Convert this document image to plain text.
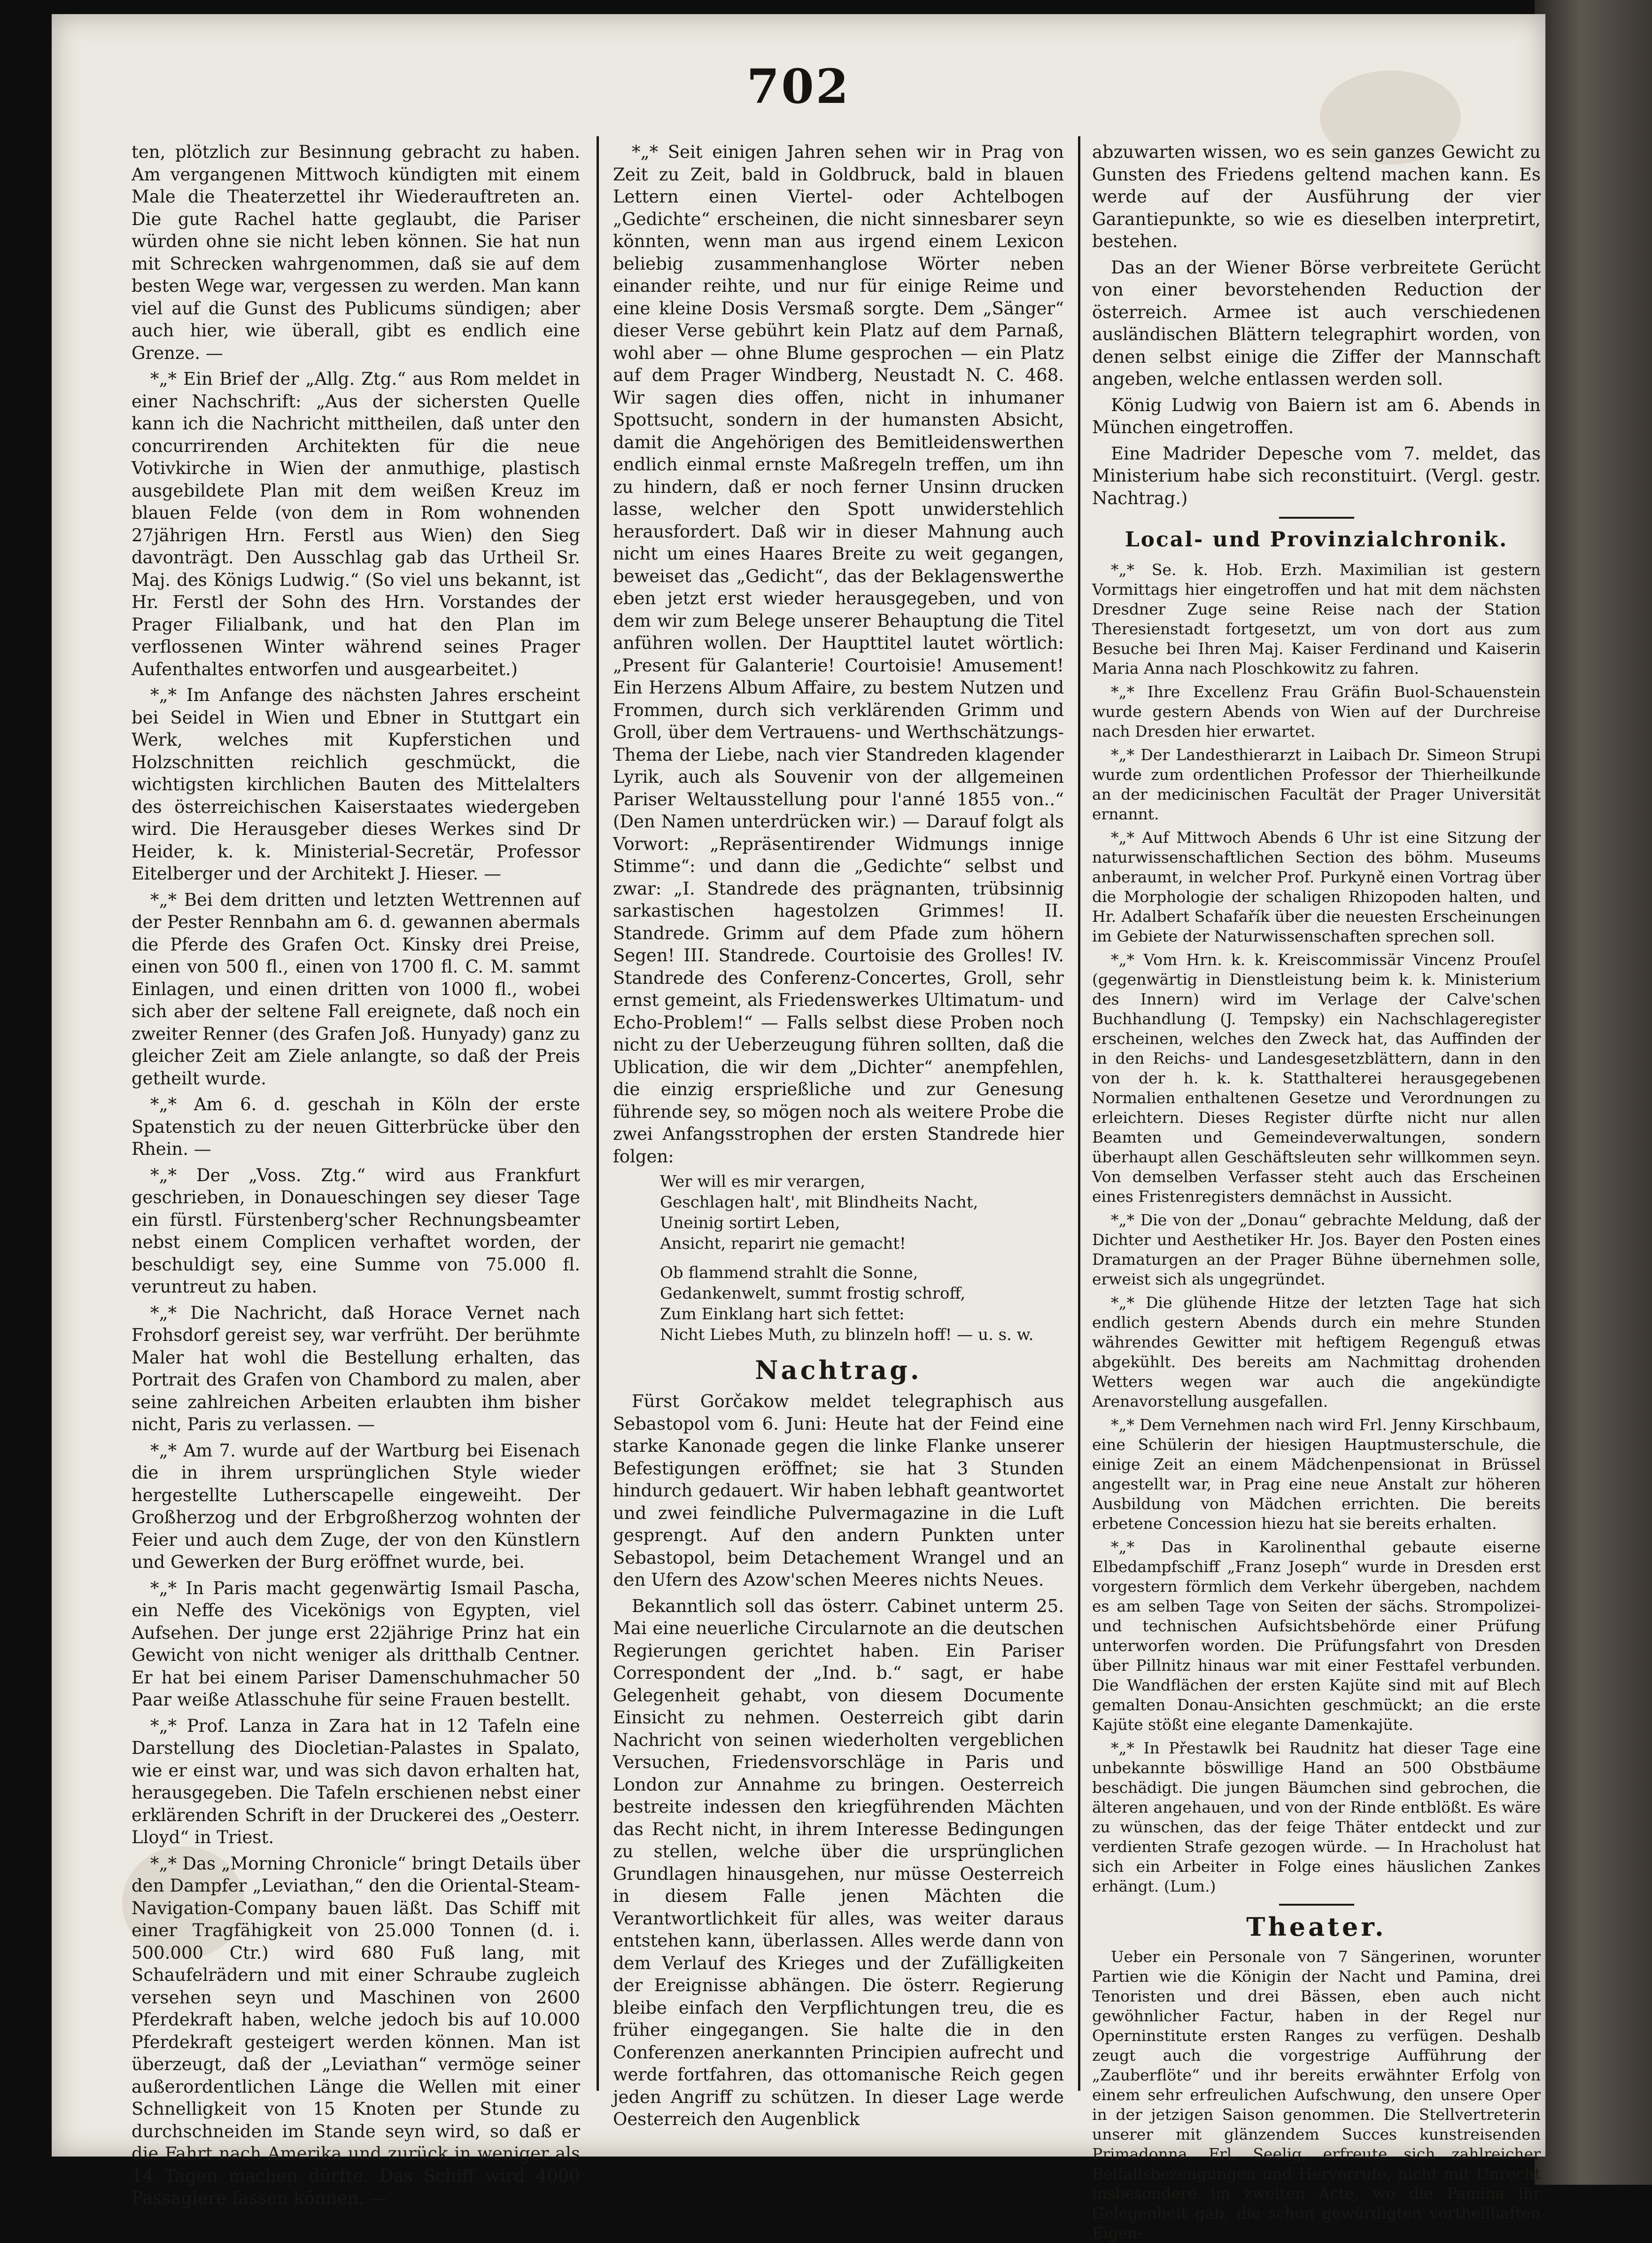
702

ten, plötzlich zur Besinnung gebracht zu haben. Am vergangenen Mittwoch kündigten mit einem Male die Theaterzettel ihr Wiederauftreten an. Die gute Rachel hatte geglaubt, die Pariser würden ohne sie nicht leben können. Sie hat nun mit Schrecken wahrgenommen, daß sie auf dem besten Wege war, vergessen zu werden. Man kann viel auf die Gunst des Publicums sündigen; aber auch hier, wie überall, gibt es endlich eine Grenze. —

*„* Ein Brief der „Allg. Ztg.“ aus Rom meldet in einer Nachschrift: „Aus der sichersten Quelle kann ich die Nachricht mittheilen, daß unter den concurrirenden Architekten für die neue Votivkirche in Wien der anmuthige, plastisch ausgebildete Plan mit dem weißen Kreuz im blauen Felde (von dem in Rom wohnenden 27jährigen Hrn. Ferstl aus Wien) den Sieg davonträgt. Den Ausschlag gab das Urtheil Sr. Maj. des Königs Ludwig.“ (So viel uns bekannt, ist Hr. Ferstl der Sohn des Hrn. Vorstandes der Prager Filialbank, und hat den Plan im verflossenen Winter während seines Prager Aufenthaltes entworfen und ausgearbeitet.)

*„* Im Anfange des nächsten Jahres erscheint bei Seidel in Wien und Ebner in Stuttgart ein Werk, welches mit Kupferstichen und Holzschnitten reichlich geschmückt, die wichtigsten kirchlichen Bauten des Mittelalters des österreichischen Kaiserstaates wiedergeben wird. Die Herausgeber dieses Werkes sind Dr Heider, k. k. Ministerial-Secretär, Professor Eitelberger und der Architekt J. Hieser. —

*„* Bei dem dritten und letzten Wettrennen auf der Pester Rennbahn am 6. d. gewannen abermals die Pferde des Grafen Oct. Kinsky drei Preise, einen von 500 fl., einen von 1700 fl. C. M. sammt Einlagen, und einen dritten von 1000 fl., wobei sich aber der seltene Fall ereignete, daß noch ein zweiter Renner (des Grafen Joß. Hunyady) ganz zu gleicher Zeit am Ziele anlangte, so daß der Preis getheilt wurde.

*„* Am 6. d. geschah in Köln der erste Spatenstich zu der neuen Gitterbrücke über den Rhein. —

*„* Der „Voss. Ztg.“ wird aus Frankfurt geschrieben, in Donaueschingen sey dieser Tage ein fürstl. Fürstenberg'scher Rechnungsbeamter nebst einem Complicen verhaftet worden, der beschuldigt sey, eine Summe von 75.000 fl. veruntreut zu haben.

*„* Die Nachricht, daß Horace Vernet nach Frohsdorf gereist sey, war verfrüht. Der berühmte Maler hat wohl die Bestellung erhalten, das Portrait des Grafen von Chambord zu malen, aber seine zahlreichen Arbeiten erlaubten ihm bisher nicht, Paris zu verlassen. —

*„* Am 7. wurde auf der Wartburg bei Eisenach die in ihrem ursprünglichen Style wieder hergestellte Lutherscapelle eingeweiht. Der Großherzog und der Erbgroßherzog wohnten der Feier und auch dem Zuge, der von den Künstlern und Gewerken der Burg eröffnet wurde, bei.

*„* In Paris macht gegenwärtig Ismail Pascha, ein Neffe des Vicekönigs von Egypten, viel Aufsehen. Der junge erst 22jährige Prinz hat ein Gewicht von nicht weniger als dritthalb Centner. Er hat bei einem Pariser Damenschuhmacher 50 Paar weiße Atlasschuhe für seine Frauen bestellt.

*„* Prof. Lanza in Zara hat in 12 Tafeln eine Darstellung des Diocletian-Palastes in Spalato, wie er einst war, und was sich davon erhalten hat, herausgegeben. Die Tafeln erschienen nebst einer erklärenden Schrift in der Druckerei des „Oesterr. Lloyd“ in Triest.

*„* Das „Morning Chronicle“ bringt Details über den Dampfer „Leviathan,“ den die Oriental-Steam-Navigation-Company bauen läßt. Das Schiff mit einer Tragfähigkeit von 25.000 Tonnen (d. i. 500.000 Ctr.) wird 680 Fuß lang, mit Schaufelrädern und mit einer Schraube zugleich versehen seyn und Maschinen von 2600 Pferdekraft haben, welche jedoch bis auf 10.000 Pferdekraft gesteigert werden können. Man ist überzeugt, daß der „Leviathan“ vermöge seiner außerordentlichen Länge die Wellen mit einer Schnelligkeit von 15 Knoten per Stunde zu durchschneiden im Stande seyn wird, so daß er die Fahrt nach Amerika und zurück in weniger als 14 Tagen machen dürfte. Das Schiff wird 4000 Passagiere fassen können. —

*„* Seit einigen Jahren sehen wir in Prag von Zeit zu Zeit, bald in Goldbruck, bald in blauen Lettern einen Viertel- oder Achtelbogen „Gedichte“ erscheinen, die nicht sinnesbarer seyn könnten, wenn man aus irgend einem Lexicon beliebig zusammenhanglose Wörter neben einander reihte, und nur für einige Reime und eine kleine Dosis Versmaß sorgte. Dem „Sänger“ dieser Verse gebührt kein Platz auf dem Parnaß, wohl aber — ohne Blume gesprochen — ein Platz auf dem Prager Windberg, Neustadt N. C. 468. Wir sagen dies offen, nicht in inhumaner Spottsucht, sondern in der humansten Absicht, damit die Angehörigen des Bemitleidenswerthen endlich einmal ernste Maßregeln treffen, um ihn zu hindern, daß er noch ferner Unsinn drucken lasse, welcher den Spott unwiderstehlich herausfordert. Daß wir in dieser Mahnung auch nicht um eines Haares Breite zu weit gegangen, beweiset das „Gedicht“, das der Beklagenswerthe eben jetzt erst wieder herausgegeben, und von dem wir zum Belege unserer Behauptung die Titel anführen wollen. Der Haupttitel lautet wörtlich: „Present für Galanterie! Courtoisie! Amusement! Ein Herzens Album Affaire, zu bestem Nutzen und Frommen, durch sich verklärenden Grimm und Groll, über dem Vertrauens- und Werthschätzungs-Thema der Liebe, nach vier Standreden klagender Lyrik, auch als Souvenir von der allgemeinen Pariser Weltausstellung pour l'anné 1855 von..“ (Den Namen unterdrücken wir.) — Darauf folgt als Vorwort: „Repräsentirender Widmungs innige Stimme“: und dann die „Gedichte“ selbst und zwar: „I. Standrede des prägnanten, trübsinnig sarkastischen hagestolzen Grimmes! II. Standrede. Grimm auf dem Pfade zum höhern Segen! III. Standrede. Courtoisie des Grolles! IV. Standrede des Conferenz-Concertes, Groll, sehr ernst gemeint, als Friedenswerkes Ultimatum- und Echo-Problem!“ — Falls selbst diese Proben noch nicht zu der Ueberzeugung führen sollten, daß die Ublication, die wir dem „Dichter“ anempfehlen, die einzig ersprießliche und zur Genesung führende sey, so mögen noch als weitere Probe die zwei Anfangsstrophen der ersten Standrede hier folgen:

Wer will es mir verargen,
Geschlagen halt', mit Blindheits Nacht,
Uneinig sortirt Leben,
Ansicht, reparirt nie gemacht!
Ob flammend strahlt die Sonne,
Gedankenwelt, summt frostig schroff,
Zum Einklang hart sich fettet:
Nicht Liebes Muth, zu blinzeln hoff! — u. s. w.
Nachtrag.

Fürst Gorčakow meldet telegraphisch aus Sebastopol vom 6. Juni: Heute hat der Feind eine starke Kanonade gegen die linke Flanke unserer Befestigungen eröffnet; sie hat 3 Stunden hindurch gedauert. Wir haben lebhaft geantwortet und zwei feindliche Pulvermagazine in die Luft gesprengt. Auf den andern Punkten unter Sebastopol, beim Detachement Wrangel und an den Ufern des Azow'schen Meeres nichts Neues.

Bekanntlich soll das österr. Cabinet unterm 25. Mai eine neuerliche Circularnote an die deutschen Regierungen gerichtet haben. Ein Pariser Correspondent der „Ind. b.“ sagt, er habe Gelegenheit gehabt, von diesem Documente Einsicht zu nehmen. Oesterreich gibt darin Nachricht von seinen wiederholten vergeblichen Versuchen, Friedensvorschläge in Paris und London zur Annahme zu bringen. Oesterreich bestreite indessen den kriegführenden Mächten das Recht nicht, in ihrem Interesse Bedingungen zu stellen, welche über die ursprünglichen Grundlagen hinausgehen, nur müsse Oesterreich in diesem Falle jenen Mächten die Verantwortlichkeit für alles, was weiter daraus entstehen kann, überlassen. Alles werde dann von dem Verlauf des Krieges und der Zufälligkeiten der Ereignisse abhängen. Die österr. Regierung bleibe einfach den Verpflichtungen treu, die es früher eingegangen. Sie halte die in den Conferenzen anerkannten Principien aufrecht und werde fortfahren, das ottomanische Reich gegen jeden Angriff zu schützen. In dieser Lage werde Oesterreich den Augenblick

abzuwarten wissen, wo es sein ganzes Gewicht zu Gunsten des Friedens geltend machen kann. Es werde auf der Ausführung der vier Garantiepunkte, so wie es dieselben interpretirt, bestehen.

Das an der Wiener Börse verbreitete Gerücht von einer bevorstehenden Reduction der österreich. Armee ist auch verschiedenen ausländischen Blättern telegraphirt worden, von denen selbst einige die Ziffer der Mannschaft angeben, welche entlassen werden soll.

König Ludwig von Baiern ist am 6. Abends in München eingetroffen.

Eine Madrider Depesche vom 7. meldet, das Ministerium habe sich reconstituirt. (Vergl. gestr. Nachtrag.)

Local- und Provinzialchronik.

*„* Se. k. Hob. Erzh. Maximilian ist gestern Vormittags hier eingetroffen und hat mit dem nächsten Dresdner Zuge seine Reise nach der Station Theresienstadt fortgesetzt, um von dort aus zum Besuche bei Ihren Maj. Kaiser Ferdinand und Kaiserin Maria Anna nach Ploschkowitz zu fahren.

*„* Ihre Excellenz Frau Gräfin Buol-Schauenstein wurde gestern Abends von Wien auf der Durchreise nach Dresden hier erwartet.

*„* Der Landesthierarzt in Laibach Dr. Simeon Strupi wurde zum ordentlichen Professor der Thierheilkunde an der medicinischen Facultät der Prager Universität ernannt.

*„* Auf Mittwoch Abends 6 Uhr ist eine Sitzung der naturwissenschaftlichen Section des böhm. Museums anberaumt, in welcher Prof. Purkyně einen Vortrag über die Morphologie der schaligen Rhizopoden halten, und Hr. Adalbert Schafařík über die neuesten Erscheinungen im Gebiete der Naturwissenschaften sprechen soll.

*„* Vom Hrn. k. k. Kreiscommissär Vincenz Prouſel (gegenwärtig in Dienstleistung beim k. k. Ministerium des Innern) wird im Verlage der Calve'schen Buchhandlung (J. Tempsky) ein Nachschlageregister erscheinen, welches den Zweck hat, das Auffinden der in den Reichs- und Landesgesetzblättern, dann in den von der h. k. k. Statthalterei herausgegebenen Normalien enthaltenen Gesetze und Verordnungen zu erleichtern. Dieses Register dürfte nicht nur allen Beamten und Gemeindeverwaltungen, sondern überhaupt allen Geschäftsleuten sehr willkommen seyn. Von demselben Verfasser steht auch das Erscheinen eines Fristenregisters demnächst in Aussicht.

*„* Die von der „Donau“ gebrachte Meldung, daß der Dichter und Aesthetiker Hr. Jos. Bayer den Posten eines Dramaturgen an der Prager Bühne übernehmen solle, erweist sich als ungegründet.

*„* Die glühende Hitze der letzten Tage hat sich endlich gestern Abends durch ein mehre Stunden währendes Gewitter mit heftigem Regenguß etwas abgekühlt. Des bereits am Nachmittag drohenden Wetters wegen war auch die angekündigte Arenavorstellung ausgefallen.

*„* Dem Vernehmen nach wird Frl. Jenny Kirschbaum, eine Schülerin der hiesigen Hauptmusterschule, die einige Zeit an einem Mädchenpensionat in Brüssel angestellt war, in Prag eine neue Anstalt zur höheren Ausbildung von Mädchen errichten. Die bereits erbetene Concession hiezu hat sie bereits erhalten.

*„* Das in Karolinenthal gebaute eiserne Elbedampfschiff „Franz Joseph“ wurde in Dresden erst vorgestern förmlich dem Verkehr übergeben, nachdem es am selben Tage von Seiten der sächs. Strompolizei- und technischen Aufsichtsbehörde einer Prüfung unterworfen worden. Die Prüfungsfahrt von Dresden über Pillnitz hinaus war mit einer Festtafel verbunden. Die Wandflächen der ersten Kajüte sind mit auf Blech gemalten Donau-Ansichten geschmückt; an die erste Kajüte stößt eine elegante Damenkajüte.

*„* In Přestawlk bei Raudnitz hat dieser Tage eine unbekannte böswillige Hand an 500 Obstbäume beschädigt. Die jungen Bäumchen sind gebrochen, die älteren angehauen, und von der Rinde entblößt. Es wäre zu wünschen, das der feige Thäter entdeckt und zur verdienten Strafe gezogen würde. — In Hracholust hat sich ein Arbeiter in Folge eines häuslichen Zankes erhängt. (Lum.)

Theater.

Ueber ein Personale von 7 Sängerinen, worunter Partien wie die Königin der Nacht und Pamina, drei Tenoristen und drei Bässen, eben auch nicht gewöhnlicher Factur, haben in der Regel nur Operninstitute ersten Ranges zu verfügen. Deshalb zeugt auch die vorgestrige Aufführung der „Zauberflöte“ und ihr bereits erwähnter Erfolg von einem sehr erfreulichen Aufschwung, den unsere Oper in der jetzigen Saison genommen. Die Stellvertreterin unserer mit glänzendem Succes kunstreisenden Primadonna, Frl. Seelig, erfreute sich zahlreicher Beifallsbezeugungen und Hervorrufe, nicht mit Unrecht insbesondere im zweiten Acte, wo die Pamina ihr Gelegenheit gab, die schon gewürdigten vortheilhaften Eigen-
